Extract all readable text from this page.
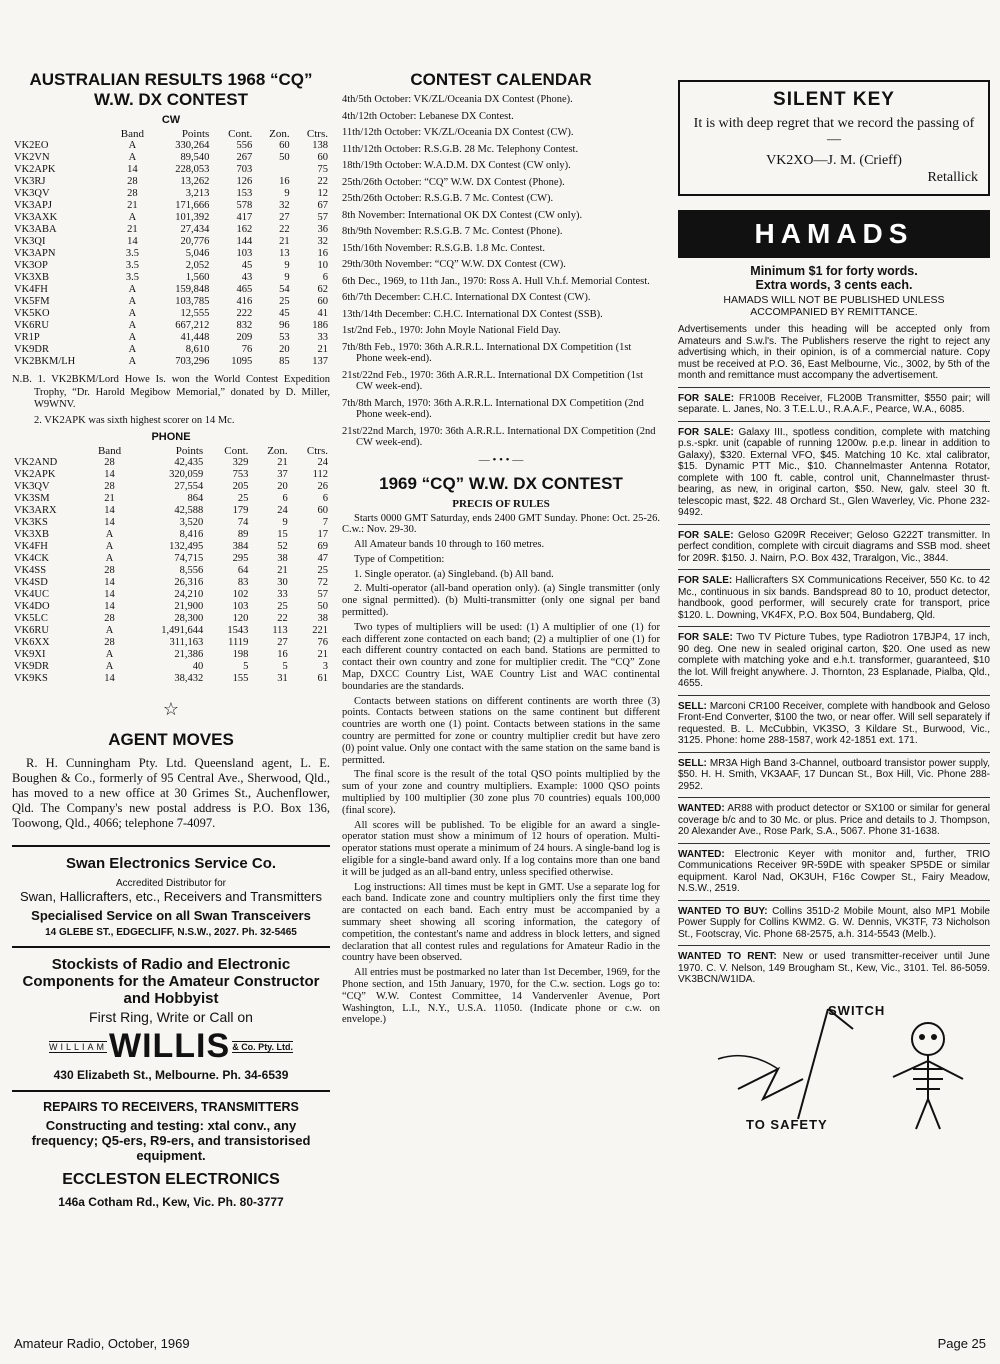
AUSTRALIAN RESULTS 1968 “CQ”
W.W. DX CONTEST
CW
	Band	Points	Cont.	Zon.	Ctrs.
VK2EO	A	330,264	556	60	138
VK2VN	A	89,540	267	50	60
VK2APK	14	228,053	703		75
VK3RJ	28	13,262	126	16	22
VK3QV	28	3,213	153	9	12
VK3APJ	21	171,666	578	32	67
VK3AXK	A	101,392	417	27	57
VK3ABA	21	27,434	162	22	36
VK3QI	14	20,776	144	21	32
VK3APN	3.5	5,046	103	13	16
VK3OP	3.5	2,052	45	9	10
VK3XB	3.5	1,560	43	9	6
VK4FH	A	159,848	465	54	62
VK5FM	A	103,785	416	25	60
VK5KO	A	12,555	222	45	41
VK6RU	A	667,212	832	96	186
VR1P	A	41,448	209	53	33
VK9DR	A	8,610	76	20	21
VK2BKM/LH	A	703,296	1095	85	137

N.B. 1. VK2BKM/Lord Howe Is. won the World Contest Expedition Trophy, “Dr. Harold Megibow Memorial,” donated by D. Miller, W9WNV.

2. VK2APK was sixth highest scorer on 14 Mc.

PHONE
	Band	Points	Cont.	Zon.	Ctrs.
VK2AND	28	42,435	329	21	24
VK2APK	14	320,059	753	37	112
VK3QV	28	27,554	205	20	26
VK3SM	21	864	25	6	6
VK3ARX	14	42,588	179	24	60
VK3KS	14	3,520	74	9	7
VK3XB	A	8,416	89	15	17
VK4FH	A	132,495	384	52	69
VK4CK	A	74,715	295	38	47
VK4SS	28	8,556	64	21	25
VK4SD	14	26,316	83	30	72
VK4UC	14	24,210	102	33	57
VK4DO	14	21,900	103	25	50
VK5LC	28	28,300	120	22	38
VK6RU	A	1,491,644	1543	113	221
VK6XX	28	311,163	1119	27	76
VK9XI	A	21,386	198	16	21
VK9DR	A	40	5	5	3
VK9KS	14	38,432	155	31	61
☆
AGENT MOVES

R. H. Cunningham Pty. Ltd. Queensland agent, L. E. Boughen & Co., formerly of 95 Central Ave., Sherwood, Qld., has moved to a new office at 30 Grimes St., Auchenflower, Qld. The Company's new postal address is P.O. Box 136, Toowong, Qld., 4066; telephone 7-4097.

Swan Electronics Service Co.
Accredited Distributor for
Swan, Hallicrafters, etc., Receivers and Transmitters
Specialised Service on all Swan Transceivers
14 GLEBE ST., EDGECLIFF, N.S.W., 2027. Ph. 32-5465
Stockists of Radio and Electronic Components for the Amateur Constructor and Hobbyist
First Ring, Write or Call on
WILLIAM WILLIS & Co. Pty. Ltd.
430 Elizabeth St., Melbourne. Ph. 34-6539
REPAIRS TO RECEIVERS, TRANSMITTERS
Constructing and testing: xtal conv., any frequency; Q5-ers, R9-ers, and transistorised equipment.
ECCLESTON ELECTRONICS
146a Cotham Rd., Kew, Vic. Ph. 80-3777
CONTEST CALENDAR

4th/5th October: VK/ZL/Oceania DX Contest (Phone).

4th/12th October: Lebanese DX Contest.

11th/12th October: VK/ZL/Oceania DX Contest (CW).

11th/12th October: R.S.G.B. 28 Mc. Telephony Contest.

18th/19th October: W.A.D.M. DX Contest (CW only).

25th/26th October: “CQ” W.W. DX Contest (Phone).

25th/26th October: R.S.G.B. 7 Mc. Contest (CW).

8th November: International OK DX Contest (CW only).

8th/9th November: R.S.G.B. 7 Mc. Contest (Phone).

15th/16th November: R.S.G.B. 1.8 Mc. Contest.

29th/30th November: “CQ” W.W. DX Contest (CW).

6th Dec., 1969, to 11th Jan., 1970: Ross A. Hull V.h.f. Memorial Contest.

6th/7th December: C.H.C. International DX Contest (CW).

13th/14th December: C.H.C. International DX Contest (SSB).

1st/2nd Feb., 1970: John Moyle National Field Day.

7th/8th Feb., 1970: 36th A.R.R.L. International DX Competition (1st Phone week-end).

21st/22nd Feb., 1970: 36th A.R.R.L. International DX Competition (1st CW week-end).

7th/8th March, 1970: 36th A.R.R.L. International DX Competition (2nd Phone week-end).

21st/22nd March, 1970: 36th A.R.R.L. International DX Competition (2nd CW week-end).

— • • • —
1969 “CQ” W.W. DX CONTEST
PRECIS OF RULES

Starts 0000 GMT Saturday, ends 2400 GMT Sunday. Phone: Oct. 25-26. C.w.: Nov. 29-30.

All Amateur bands 10 through to 160 metres.

Type of Competition:

1. Single operator. (a) Singleband. (b) All band.

2. Multi-operator (all-band operation only). (a) Single transmitter (only one signal permitted). (b) Multi-transmitter (only one signal per band permitted).

Two types of multipliers will be used: (1) A multiplier of one (1) for each different zone contacted on each band; (2) a multiplier of one (1) for each different country contacted on each band. Stations are permitted to contact their own country and zone for multiplier credit. The “CQ” Zone Map, DXCC Country List, WAE Country List and WAC continental boundaries are the standards.

Contacts between stations on different continents are worth three (3) points. Contacts between stations on the same continent but different countries are worth one (1) point. Contacts between stations in the same country are permitted for zone or country multiplier credit but have zero (0) point value. Only one contact with the same station on the same band is permitted.

The final score is the result of the total QSO points multiplied by the sum of your zone and country multipliers. Example: 1000 QSO points multiplied by 100 multiplier (30 zone plus 70 countries) equals 100,000 (final score).

All scores will be published. To be eligible for an award a single-operator station must show a minimum of 12 hours of operation. Multi-operator stations must operate a minimum of 24 hours. A single-band log is eligible for a single-band award only. If a log contains more than one band it will be judged as an all-band entry, unless specified otherwise.

Log instructions: All times must be kept in GMT. Use a separate log for each band. Indicate zone and country multipliers only the first time they are contacted on each band. Each entry must be accompanied by a summary sheet showing all scoring information, the category of competition, the contestant's name and address in block letters, and signed declaration that all contest rules and regulations for Amateur Radio in the country have been observed.

All entries must be postmarked no later than 1st December, 1969, for the Phone section, and 15th January, 1970, for the C.w. section. Logs go to: “CQ” W.W. Contest Committee, 14 Vandervenler Avenue, Port Washington, L.I., N.Y., U.S.A. 11050. (Indicate phone or c.w. on envelope.)

SILENT KEY
It is with deep regret that we record the passing of—
VK2XO—J. M. (Crieff)
Retallick
HAMADS
Minimum $1 for forty words.
Extra words, 3 cents each.
HAMADS WILL NOT BE PUBLISHED UNLESS ACCOMPANIED BY REMITTANCE.

Advertisements under this heading will be accepted only from Amateurs and S.w.l's. The Publishers reserve the right to reject any advertising which, in their opinion, is of a commercial nature. Copy must be received at P.O. 36, East Melbourne, Vic., 3002, by 5th of the month and remittance must accompany the advertisement.

FOR SALE: FR100B Receiver, FL200B Transmitter, $550 pair; will separate. L. Janes, No. 3 T.E.L.U., R.A.A.F., Pearce, W.A., 6085.

FOR SALE: Galaxy III., spotless condition, complete with matching p.s.-spkr. unit (capable of running 1200w. p.e.p. linear in addition to Galaxy), $320. External VFO, $45. Matching 10 Kc. xtal calibrator, $15. Dynamic PTT Mic., $10. Channelmaster Antenna Rotator, complete with 100 ft. cable, control unit, Channelmaster thrust-bearing, as new, in original carton, $50. New, galv. steel 30 ft. telescopic mast, $22. 48 Orchard St., Glen Waverley, Vic. Phone 232-9492.

FOR SALE: Geloso G209R Receiver; Geloso G222T transmitter. In perfect condition, complete with circuit diagrams and SSB mod. sheet for 209R. $150. J. Nairn, P.O. Box 432, Traralgon, Vic., 3844.

FOR SALE: Hallicrafters SX Communications Receiver, 550 Kc. to 42 Mc., continuous in six bands. Bandspread 80 to 10, product detector, handbook, good performer, will securely crate for transport, price $120. L. Downing, VK4FX, P.O. Box 504, Bundaberg, Qld.

FOR SALE: Two TV Picture Tubes, type Radiotron 17BJP4, 17 inch, 90 deg. One new in sealed original carton, $20. One used as new complete with matching yoke and e.h.t. transformer, guaranteed, $10 the lot. Will freight anywhere. J. Thornton, 23 Esplanade, Pialba, Qld., 4655.

SELL: Marconi CR100 Receiver, complete with handbook and Geloso Front-End Converter, $100 the two, or near offer. Will sell separately if requested. B. L. McCubbin, VK3SO, 3 Kildare St., Burwood, Vic., 3125. Phone: home 288-1587, work 42-1851 ext. 171.

SELL: MR3A High Band 3-Channel, outboard transistor power supply, $50. H. H. Smith, VK3AAF, 17 Duncan St., Box Hill, Vic. Phone 288-2952.

WANTED: AR88 with product detector or SX100 or similar for general coverage b/c and to 30 Mc. or plus. Price and details to J. Thompson, 20 Alexander Ave., Rose Park, S.A., 5067. Phone 31-1638.

WANTED: Electronic Keyer with monitor and, further, TRIO Communications Receiver 9R-59DE with speaker SP5DE or similar equipment. Karol Nad, OK3UH, F16c Cowper St., Fairy Meadow, N.S.W., 2519.

WANTED TO BUY: Collins 351D-2 Mobile Mount, also MP1 Mobile Power Supply for Collins KWM2. G. W. Dennis, VK3TF, 73 Nicholson St., Footscray, Vic. Phone 68-2575, a.h. 314-5543 (Melb.).

WANTED TO RENT: New or used transmitter-receiver until June 1970. C. V. Nelson, 149 Brougham St., Kew, Vic., 3101. Tel. 86-5059. VK3BCN/W1IDA.

SWITCH
TO SAFETY
Amateur Radio, October, 1969	Page 25
